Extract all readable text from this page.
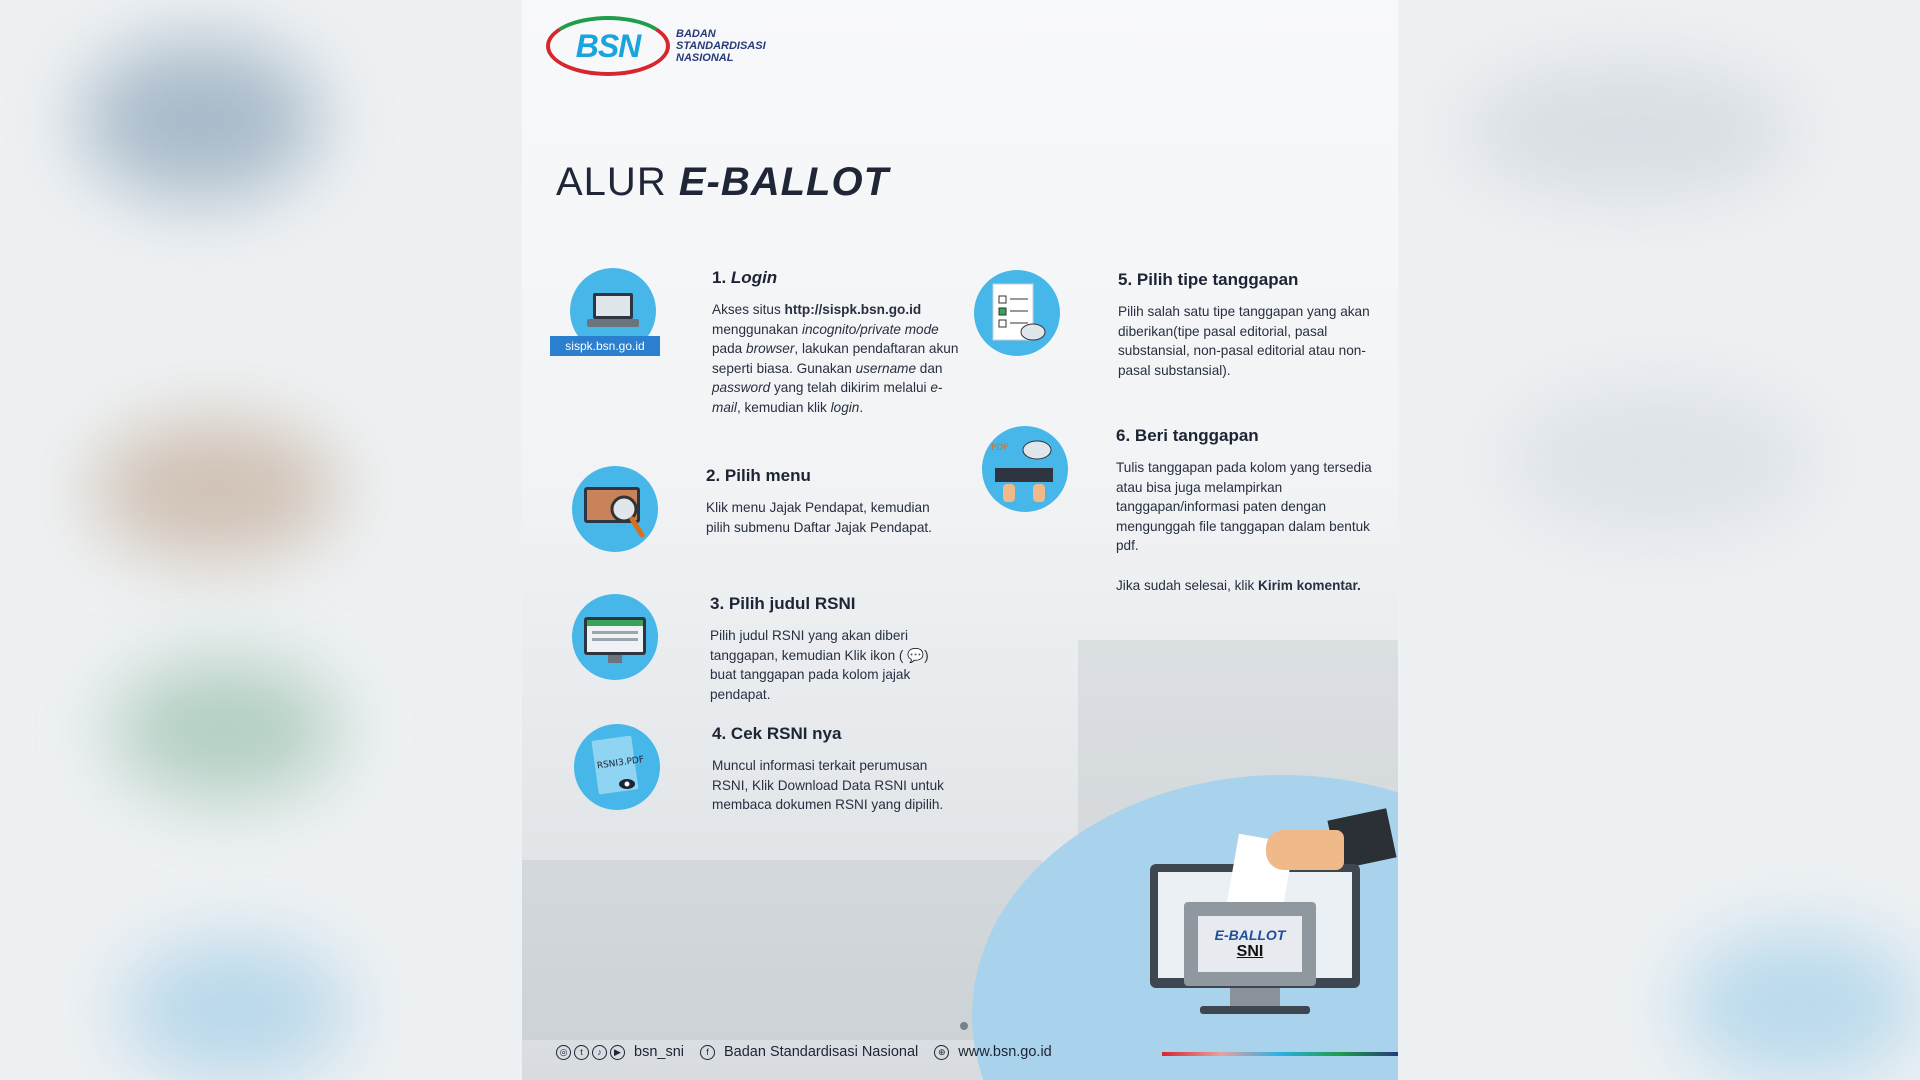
BSN	BADAN
STANDARDISASI
NASIONAL
ALUR E-BALLOT
sispk.bsn.go.id
1. Login

Akses situs http://sispk.bsn.go.id menggunakan incognito/private mode pada browser, lakukan pendaftaran akun seperti biasa. Gunakan username dan password yang telah dikirim melalui e-mail, kemudian klik login.

2. Pilih menu

Klik menu Jajak Pendapat, kemudian pilih submenu Daftar Jajak Pendapat.

3. Pilih judul RSNI

Pilih judul RSNI yang akan diberi tanggapan, kemudian Klik ikon ( 💬) buat tanggapan pada kolom jajak pendapat.

RSNI3.PDF
4. Cek RSNI nya

Muncul informasi terkait perumusan RSNI, Klik Download Data RSNI untuk membaca dokumen RSNI yang dipilih.

5. Pilih tipe tanggapan

Pilih salah satu tipe tanggapan yang akan diberikan(tipe pasal editorial, pasal substansial, non-pasal editorial atau non-pasal substansial).

PDF
6. Beri tanggapan

Tulis tanggapan pada kolom yang tersedia atau bisa juga melampirkan tanggapan/informasi paten dengan mengunggah file tanggapan dalam bentuk pdf.

Jika sudah selesai, klik Kirim komentar.

E-BALLOT
SNI
◎	t	♪	▶ bsn_sni	f	Badan Standardisasi Nasional	⊕ www.bsn.go.id
